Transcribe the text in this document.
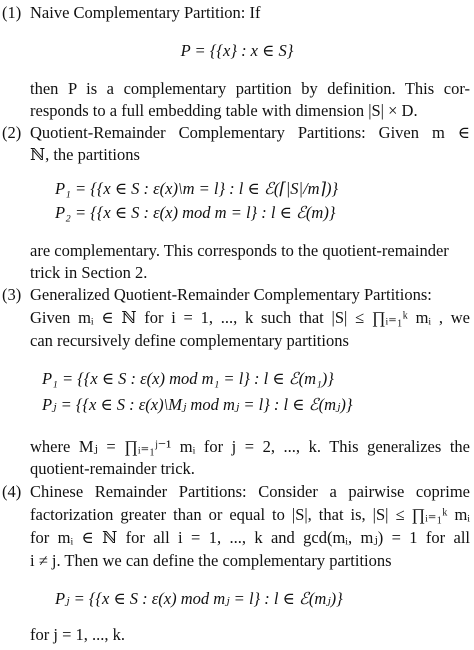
(1) Naive Complementary Partition: If
P = {{x} : x ∈ S}
then P is a complementary partition by definition. This cor-
responds to a full embedding table with dimension |S| × D.
(2) Quotient-Remainder Complementary Partitions: Given m ∈
ℕ, the partitions
P₁ = {{x ∈ S : ε(x)\m = l} : l ∈ ℰ(⌈|S|/m⌉)}
P₂ = {{x ∈ S : ε(x) mod m = l} : l ∈ ℰ(m)}
are complementary. This corresponds to the quotient-remainder
trick in Section 2.
(3) Generalized Quotient-Remainder Complementary Partitions:
Given mᵢ ∈ ℕ for i = 1, ..., k such that |S| ≤ ∏ᵢ₌₁ᵏ mᵢ , we
can recursively define complementary partitions
P₁ = {{x ∈ S : ε(x) mod m₁ = l} : l ∈ ℰ(m₁)}
Pⱼ = {{x ∈ S : ε(x)\Mⱼ mod mⱼ = l} : l ∈ ℰ(mⱼ)}
where Mⱼ = ∏ᵢ₌₁ʲ⁻¹ mᵢ for j = 2, ..., k. This generalizes the
quotient-remainder trick.
(4) Chinese Remainder Partitions: Consider a pairwise coprime
factorization greater than or equal to |S|, that is, |S| ≤ ∏ᵢ₌₁ᵏ mᵢ
for mᵢ ∈ ℕ for all i = 1, ..., k and gcd(mᵢ, mⱼ) = 1 for all
i ≠ j. Then we can define the complementary partitions
Pⱼ = {{x ∈ S : ε(x) mod mⱼ = l} : l ∈ ℰ(mⱼ)}
for j = 1, ..., k.
